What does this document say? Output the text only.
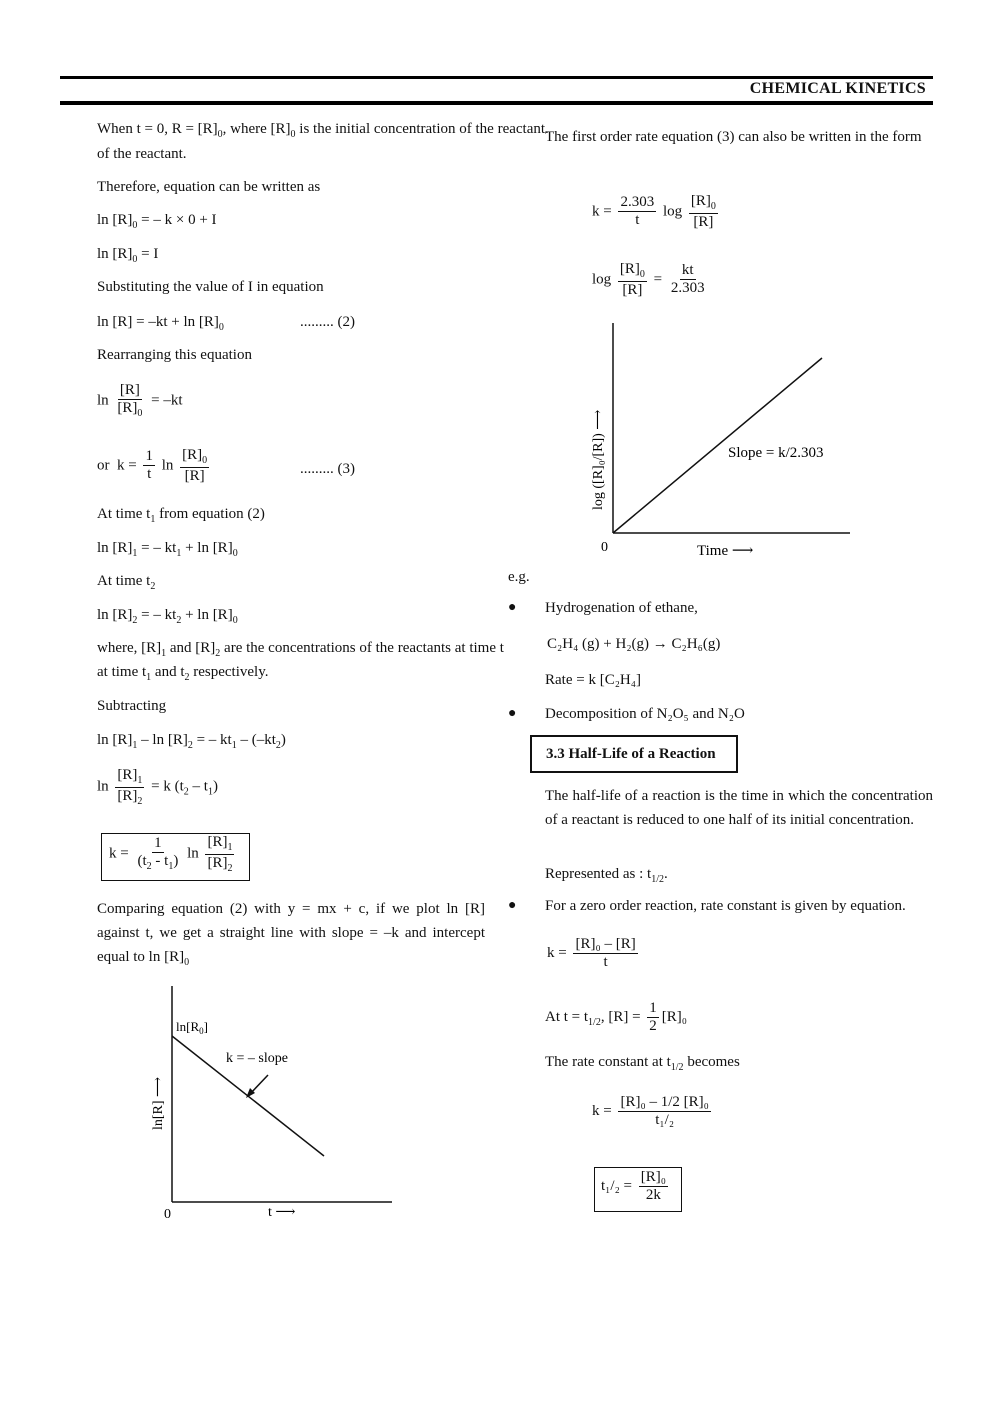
CHEMICAL KINETICS
When t = 0, $R = [R]_0$, where $[R]_0$ is the initial concentration of the reactant.
of the reactant.
Therefore, equation can be written as
$\ln [R]_0$ = – k × 0 + I
$\ln [R]_0 = I$
Substituting the value of I in equation
$\ln [R] = -kt + \ln [R]_0$	......... (2)
Rearranging this equation
$\ln \frac{[R]}{[R]_0} = -kt$
or $k = \frac{1}{t}$ $\ln \frac{[R]_0}{[R]}$	......... (3)
At time $t_1$ from equation (2)
$\ln [R]_1$ = – $kt_1 + \ln [R]_0$
At time $t_2$
$\ln [R]_2$ = – $kt_2 + \ln [R]_0$
where, $[R]_1$ and $[R]_2$ are the concentrations of the reactants at time t
at time $t_1$ and $t_2$ respectively.
Subtracting
$\ln [R]_1$ – $\ln [R]_2$ = – $kt_1 - (-kt_2)$
$\ln \frac{[R]_1}{[R]_2} = k$ $(t_2 - t_1)$
$k = \frac{1}{(t_2 - t_1)}$ $\ln \frac{[R]_1}{[R]_2}$
Comparing equation (2) with y = mx + c, if we plot ln [R] against t, we get a straight line with slope = –k and intercept equal to $\ln [R]_0$
$\ln[R_0]$
k = – slope
ln[R] ⟶
0	t ⟶
The first order rate equation (3) can also be written in the form
$k = \frac{2.303}{t}$ $\log \frac{[R]_0}{[R]}$
$\log \frac{[R]_0}{[R]} = \frac{kt}{2.303}$
log ([R]₀/[R]) ⟶	Slope = k/2.303
0	Time ⟶
e.g.
● Hydrogenation of ethane,
C₂H₄ (g) + H₂(g) → C₂H₆(g)
Rate = k [C₂H₄]
● Decomposition of N₂O₅ and N₂O
3.3 Half-Life of a Reaction
The half-life of a reaction is the time in which the concentration of a reactant is reduced to one half of its initial concentration.
Represented as : $t_{1/2}$.
● For a zero order reaction, rate constant is given by equation.
$k = \frac{\text{[R]₀ – [R]}}{t}$
At $t = t_{1/2}$, $[R] = \frac{1}{2} [R]_0$
The rate constant at $t_{1/2}$ becomes
$k = \frac{\text{[R]₀ – 1/2 [R]₀}}{\text{t₁/₂}}$
$t_1/_2 = \frac{\text{[R]₀}}{2k}$
